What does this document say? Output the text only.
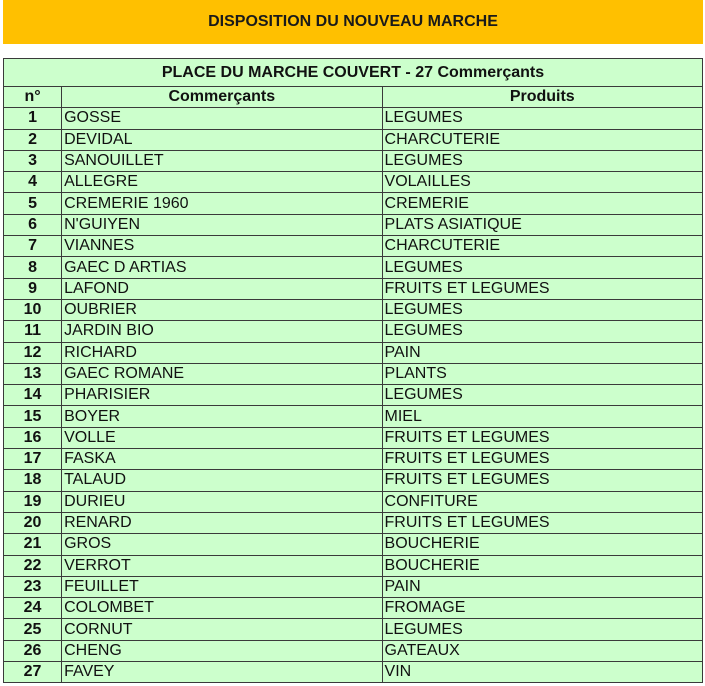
DISPOSITION DU NOUVEAU MARCHE
PLACE DU MARCHE COUVERT - 27 Commerçants		
n°	Commerçants	Produits
1	GOSSE	LEGUMES
2	DEVIDAL	CHARCUTERIE
3	SANOUILLET	LEGUMES
4	ALLEGRE	VOLAILLES
5	CREMERIE 1960	CREMERIE
6	N'GUIYEN	PLATS ASIATIQUE
7	VIANNES	CHARCUTERIE
8	GAEC D ARTIAS	LEGUMES
9	LAFOND	FRUITS ET LEGUMES
10	OUBRIER	LEGUMES
11	JARDIN BIO	LEGUMES
12	RICHARD	PAIN
13	GAEC ROMANE	PLANTS
14	PHARISIER	LEGUMES
15	BOYER	MIEL
16	VOLLE	FRUITS ET LEGUMES
17	FASKA	FRUITS ET LEGUMES
18	TALAUD	FRUITS ET LEGUMES
19	DURIEU	CONFITURE
20	RENARD	FRUITS ET LEGUMES
21	GROS	BOUCHERIE
22	VERROT	BOUCHERIE
23	FEUILLET	PAIN
24	COLOMBET	FROMAGE
25	CORNUT	LEGUMES
26	CHENG	GATEAUX
27	FAVEY	VIN
